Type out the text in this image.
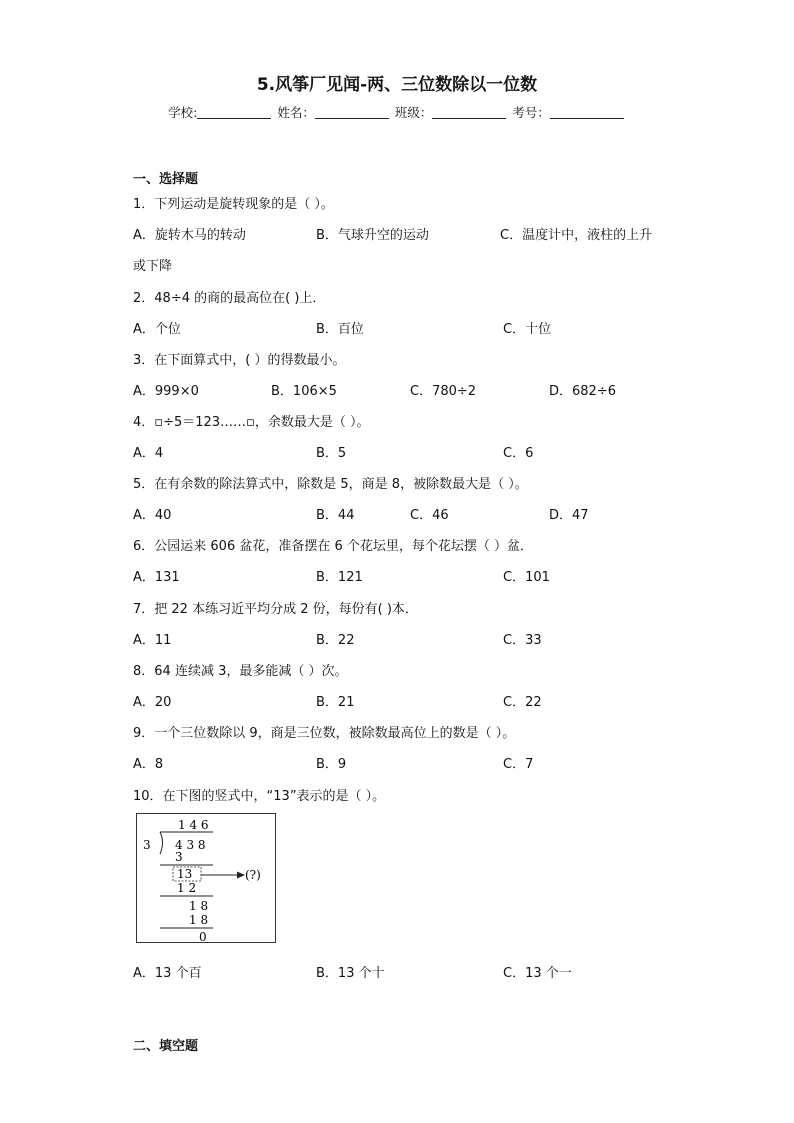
5.风筝厂见闻-两、三位数除以一位数
学校:	姓名：	班级：	考号：
一、选择题
1．下列运动是旋转现象的是（ ）。
A．旋转木马的转动	B．气球升空的运动	C．温度计中，液柱的上升
或下降
2．48÷4 的商的最高位在( )上．
A．个位	B．百位	C．十位
3．在下面算式中，( ）的得数最小。
A．999×0	B．106×5	C．780÷2	D．682÷6
4．▫÷5＝123……▫，余数最大是（ ）。
A．4	B．5	C．6
5．在有余数的除法算式中，除数是 5，商是 8，被除数最大是（ ）。
A．40	B．44	C．46	D．47
6．公园运来 606 盆花，准备摆在 6 个花坛里，每个花坛摆（ ）盆．
A．131	B．121	C．101
7．把 22 本练习近平均分成 2 份，每份有( )本．
A．11	B．22	C．33
8．64 连续减 3，最多能减（ ）次。
A．20	B．21	C．22
9．一个三位数除以 9，商是三位数，被除数最高位上的数是（ ）。
A．8	B．9	C．7
10．在下图的竖式中，“13”表示的是（ ）。
1 4 6
3 4 3 8
3
13	(?)
1 2
1 8
1 8
0
A．13 个百	B．13 个十	C．13 个一
二、填空题
